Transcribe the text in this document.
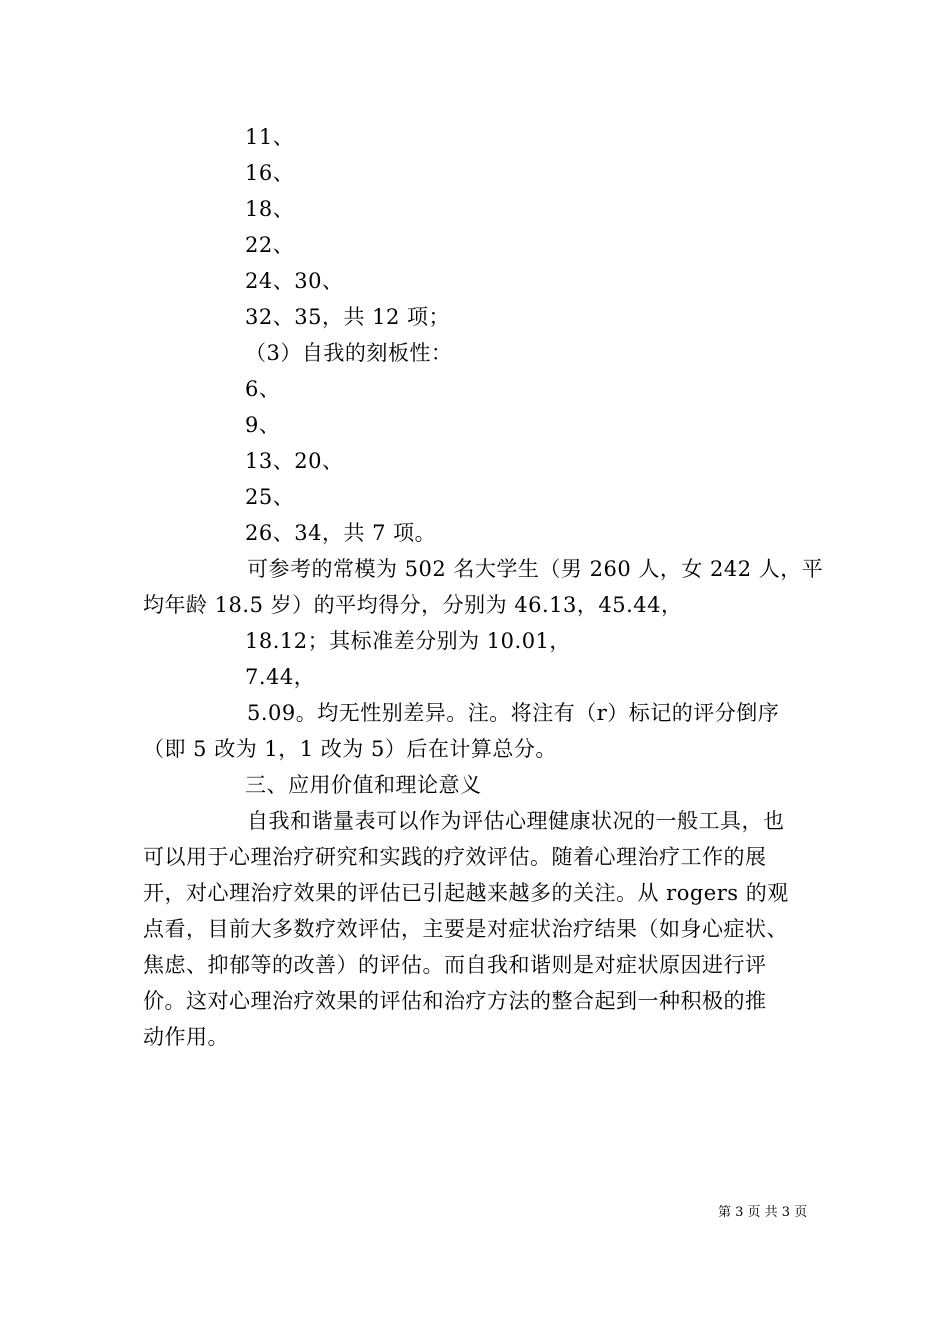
11、
16、
18、
22、
24、30、
32、35，共 12 项；
（3）自我的刻板性：
6、
9、
13、20、
25、
26、34，共 7 项。
可参考的常模为 502 名大学生（男 260 人，女 242 人，平
均年龄 18.5 岁）的平均得分，分别为 46.13，45.44，
18.12；其标准差分别为 10.01，
7.44，
5.09。均无性别差异。注。将注有（r）标记的评分倒序
（即 5 改为 1，1 改为 5）后在计算总分。
三、应用价值和理论意义
自我和谐量表可以作为评估心理健康状况的一般工具，也
可以用于心理治疗研究和实践的疗效评估。随着心理治疗工作的展
开，对心理治疗效果的评估已引起越来越多的关注。从 rogers 的观
点看，目前大多数疗效评估，主要是对症状治疗结果（如身心症状、
焦虑、抑郁等的改善）的评估。而自我和谐则是对症状原因进行评
价。这对心理治疗效果的评估和治疗方法的整合起到一种积极的推
动作用。
第 3 页 共 3 页
